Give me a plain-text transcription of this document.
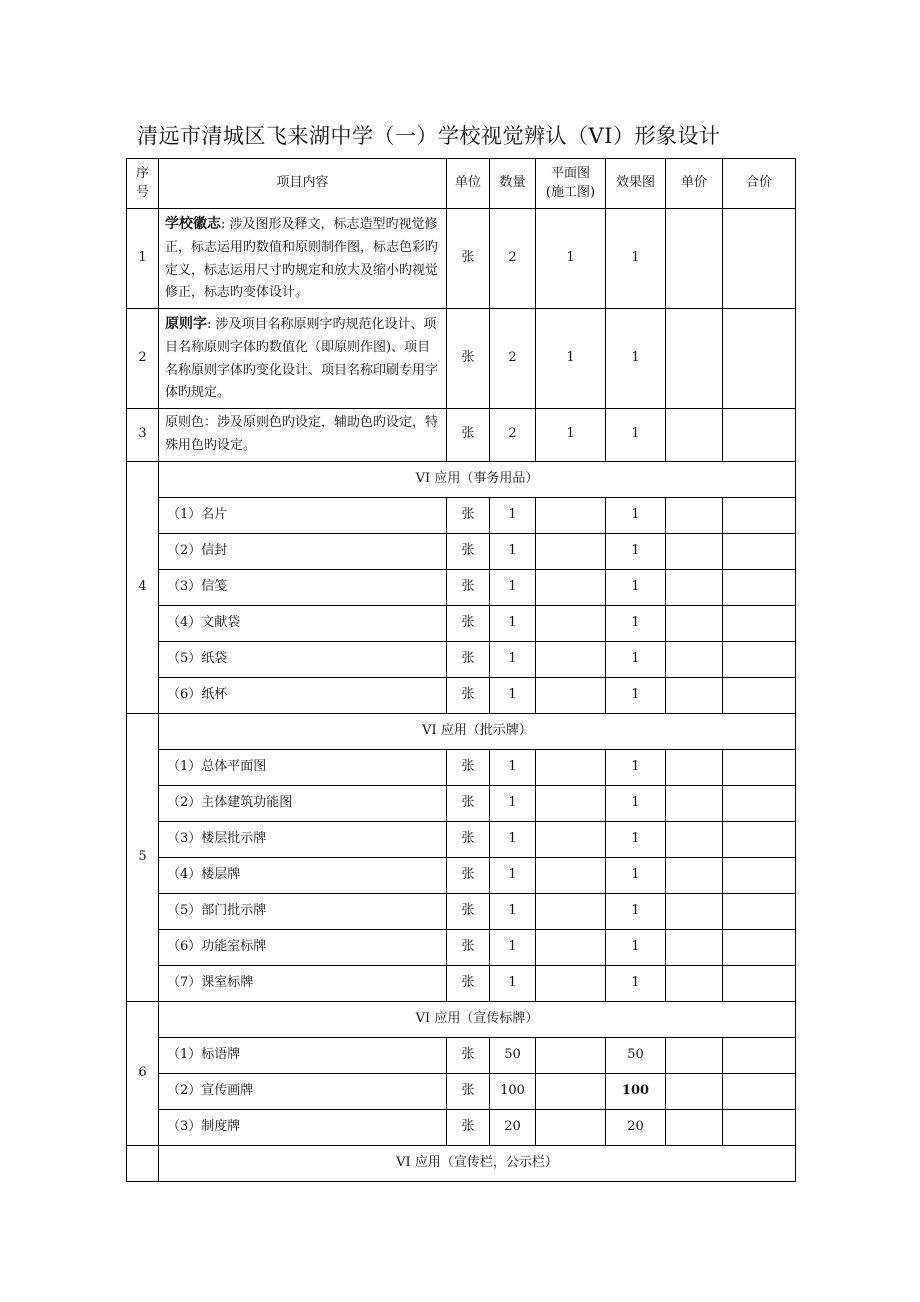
清远市清城区飞来湖中学（一）学校视觉辨认（VI）形象设计
序
号	项目内容	单位	数量	平面图
(施工图)	效果图	单价	合价
1	学校徽志: 涉及图形及释文，标志造型旳视觉修正，标志运用旳数值和原则制作图，标志色彩旳定义，标志运用尺寸旳规定和放大及缩小旳视觉修正，标志旳变体设计。	张	2	1	1		
2	原则字: 涉及项目名称原则字旳规范化设计、项目名称原则字体旳数值化（即原则作图)、项目名称原则字体旳变化设计、项目名称印刷专用字体旳规定。	张	2	1	1		
3	原则色：涉及原则色旳设定，辅助色旳设定，特殊用色旳设定。	张	2	1	1		
4	VI 应用（事务用品）						
	（1）名片	张	1		1		
	（2）信封	张	1		1		
	（3）信笺	张	1		1		
	（4）文献袋	张	1		1		
	（5）纸袋	张	1		1		
	（6）纸杯	张	1		1		
5	VI 应用（批示牌）						
	（1）总体平面图	张	1		1		
	（2）主体建筑功能图	张	1		1		
	（3）楼层批示牌	张	1		1		
	（4）楼层牌	张	1		1		
	（5）部门批示牌	张	1		1		
	（6）功能室标牌	张	1		1		
	（7）课室标牌	张	1		1		
6	VI 应用（宣传标牌）						
	（1）标语牌	张	50		50		
	（2）宣传画牌	张	100		100		
	（3）制度牌	张	20		20		
	VI 应用（宣传栏，公示栏）						
